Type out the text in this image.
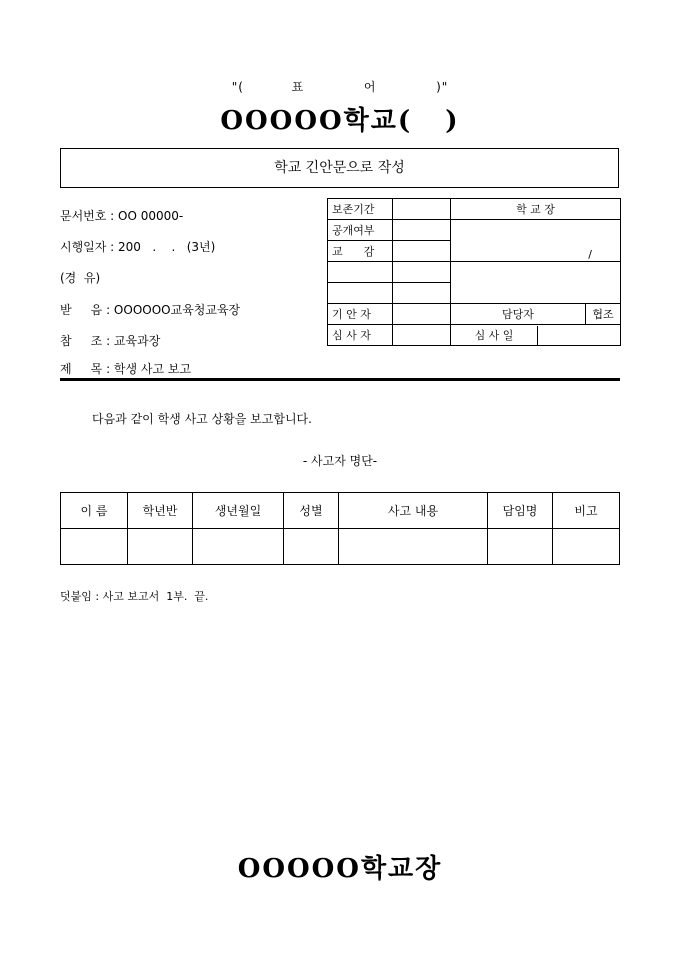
"(	표	어	)"
OOOOO학교(   )
학교 긴안문으로 작성
문서번호 : OO 00000-
시행일자 : 200   .    .   (3년)
(경  유)
받     음 : OOOOOO교육청교육장
참     조 : 교육과장
제     목 : 학생 사고 보고
보존기간		학 교 장	
공개여부		/	
교      감			

기 안 자		담당자	협조
심 사 자		심 사 일	
다음과 같이 학생 사고 상황을 보고합니다.
- 사고자 명단-
이 름	학년반	생년월일	성별	사고 내용	담임명	비고

덧붙임 : 사고 보고서  1부.  끝.
OOOOO학교장
